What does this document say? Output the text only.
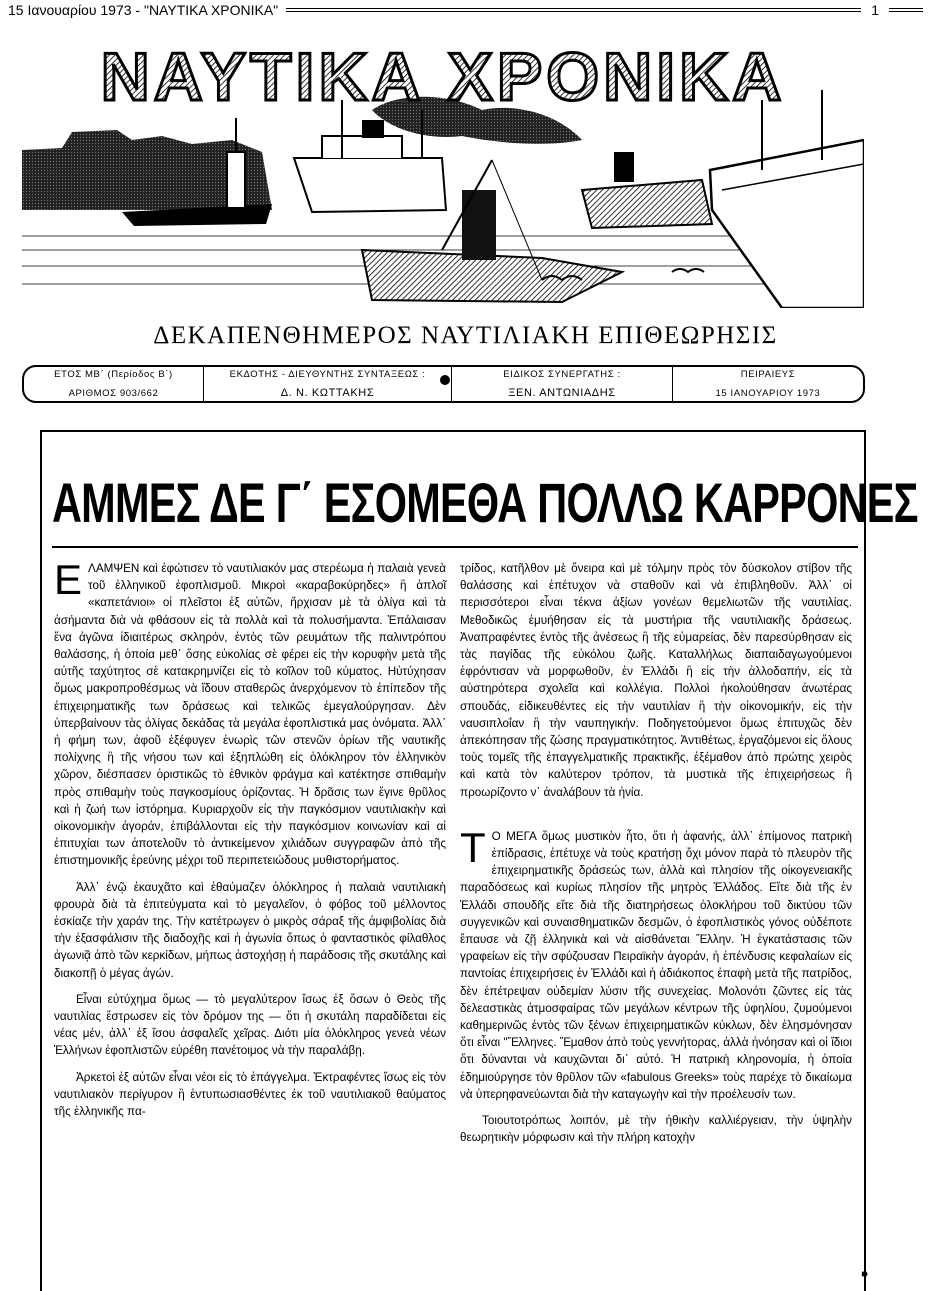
15 Ιανουαρίου 1973 - "ΝΑΥΤΙΚΑ ΧΡΟΝΙΚΑ"	1
ΝΑΥΤΙΚΑ ΧΡΟΝΙΚΑ
ΔΕΚΑΠΕΝΘΗΜΕΡΟΣ ΝΑΥΤΙΛΙΑΚΗ ΕΠΙΘΕΩΡΗΣΙΣ
ΕΤΟΣ ΜΒ΄ (Περίοδος Β΄)
ΑΡΙΘΜΟΣ 903/662
ΕΚΔΟΤΗΣ - ΔΙΕΥΘΥΝΤΗΣ ΣΥΝΤΑΞΕΩΣ :
Δ. Ν. ΚΩΤΤΑΚΗΣ
ΕΙΔΙΚΟΣ ΣΥΝΕΡΓΑΤΗΣ :
ΞΕΝ. ΑΝΤΩΝΙΑΔΗΣ
ΠΕΙΡΑΙΕΥΣ
15 ΙΑΝΟΥΑΡΙΟΥ 1973
ΑΜΜΕΣ ΔΕ Γ΄ ΕΣΟΜΕΘΑ ΠΟΛΛΩ ΚΑΡΡΟΝΕΣ

ΕΛΑΜΨΕΝ καὶ ἐφώτισεν τὸ ναυτιλιακόν μας στερέωμα ἡ παλαιὰ γενεὰ τοῦ ἑλληνικοῦ ἐφοπλισμοῦ. Μικροὶ «καραβοκύρηδες» ἢ ἁπλοῖ «καπετάνιοι» οἱ πλεῖστοι ἐξ αὐτῶν, ἤρχισαν μὲ τὰ ὀλίγα καὶ τὰ ἀσήμαντα διὰ νὰ φθάσουν εἰς τὰ πολλὰ καὶ τὰ πολυσήμαντα. Ἐπάλαισαν ἕνα ἀγῶνα ἰδιαιτέρως σκληρόν, ἐντὸς τῶν ρευμάτων τῆς παλιντρόπου θαλάσσης, ἡ ὁποία μεθ᾽ ὅσης εὐκολίας σὲ φέρει εἰς τὴν κορυφὴν μετὰ τῆς αὐτῆς ταχύτητος σὲ κατακρημνίζει εἰς τὸ κοῖλον τοῦ κύματος. Ηὐτύχησαν ὅμως μακροπροθέσμως νὰ ἴδουν σταθερῶς ἀνερχόμενον τὸ ἐπίπεδον τῆς ἐπιχειρηματικῆς των δράσεως καὶ τελικῶς ἐμεγαλούργησαν. Δὲν ὑπερβαίνουν τὰς ὀλίγας δεκάδας τὰ μεγάλα ἐφοπλιστικά μας ὀνόματα. Ἀλλ᾽ ἡ φήμη των, ἀφοῦ ἐξέφυγεν ἐνωρὶς τῶν στενῶν ὁρίων τῆς ναυτικῆς πολίχνης ἢ τῆς νήσου των καὶ ἐξηπλώθη εἰς ὁλόκληρον τὸν ἑλληνικὸν χῶρον, διέσπασεν ὁριστικῶς τὸ ἐθνικὸν φράγμα καὶ κατέκτησε σπιθαμὴν πρὸς σπιθαμὴν τοὺς παγκοσμίους ὁρίζοντας. Ἡ δρᾶσις των ἔγινε θρῦλος καὶ ἡ ζωή των ἱστόρημα. Κυριαρχοῦν εἰς τὴν παγκόσμιον ναυτιλιακὴν καὶ οἰκονομικὴν ἀγοράν, ἐπιβάλλονται εἰς τὴν παγκόσμιον κοινωνίαν καὶ αἱ ἐπιτυχίαι των ἀποτελοῦν τὸ ἀντικείμενον χιλιάδων συγγραφῶν ἀπὸ τῆς ἐπιστημονικῆς ἐρεύνης μέχρι τοῦ περιπετειώδους μυθιστορήματος.

Ἀλλ᾽ ἐνῷ ἐκαυχᾶτο καὶ ἐθαύμαζεν ὁλόκληρος ἡ παλαιὰ ναυτιλιακὴ φρουρὰ διὰ τὰ ἐπιτεύγματα καὶ τὸ μεγαλεῖον, ὁ φόβος τοῦ μέλλοντος ἐσκίαζε τὴν χαράν της. Τὴν κατέτρωγεν ὁ μικρὸς σάραξ τῆς ἀμφιβολίας διὰ τὴν ἐξασφάλισιν τῆς διαδοχῆς καὶ ἡ ἀγωνία ὅπως ὁ φανταστικὸς φίλαθλος ἀγωνιᾷ ἀπὸ τῶν κερκίδων, μήπως ἀστοχήσῃ ἡ παράδοσις τῆς σκυτάλης καὶ διακοπῇ ὁ μέγας ἀγών.

Εἶναι εὐτύχημα ὅμως — τὸ μεγαλύτερον ἴσως ἐξ ὅσων ὁ Θεὸς τῆς ναυτιλίας ἔστρωσεν εἰς τὸν δρόμον της — ὅτι ἡ σκυτάλη παραδίδεται εἰς νέας μέν, ἀλλ᾽ ἐξ ἴσου ἀσφαλεῖς χεῖρας. Διότι μία ὁλόκληρος γενεὰ νέων Ἑλλήνων ἐφοπλιστῶν εὑρέθη πανέτοιμος νὰ τὴν παραλάβῃ.

Ἀρκετοὶ ἐξ αὐτῶν εἶναι νέοι εἰς τὸ ἐπάγγελμα. Ἐκτραφέντες ἴσως εἰς τὸν ναυτιλιακὸν περίγυρον ἢ ἐντυπωσιασθέντες ἐκ τοῦ ναυτιλιακοῦ θαύματος τῆς ἑλληνικῆς πα-

τρίδος, κατῆλθον μὲ ὄνειρα καὶ μὲ τόλμην πρὸς τὸν δύσκολον στίβον τῆς θαλάσσης καὶ ἐπέτυχον νὰ σταθοῦν καὶ νὰ ἐπιβληθοῦν. Ἀλλ᾽ οἱ περισσότεροι εἶναι τέκνα ἀξίων γονέων θεμελιωτῶν τῆς ναυτιλίας. Μεθοδικῶς ἐμυήθησαν εἰς τὰ μυστήρια τῆς ναυτιλιακῆς δράσεως. Ἀναπραφέντες ἐντὸς τῆς ἀνέσεως ἢ τῆς εὐμαρείας, δὲν παρεσύρθησαν εἰς τὰς παγίδας τῆς εὐκόλου ζωῆς. Καταλλήλως διαπαιδαγωγούμενοι ἐφρόντισαν νὰ μορφωθοῦν, ἐν Ἑλλάδι ἢ εἰς τὴν ἀλλοδαπήν, εἰς τὰ αὐστηρότερα σχολεῖα καὶ κολλέγια. Πολλοὶ ἠκολούθησαν ἀνωτέρας σπουδάς, εἰδικευθέντες εἰς τὴν ναυτιλίαν ἢ τὴν οἰκονομικήν, εἰς τὴν ναυσιπλοΐαν ἢ τὴν ναυπηγικήν. Ποδηγετούμενοι ὅμως ἐπιτυχῶς δὲν ἀπεκόπησαν τῆς ζώσης πραγματικότητος. Ἀντιθέτως, ἐργαζόμενοι εἰς ὅλους τοὺς τομεῖς τῆς ἐπαγγελματικῆς πρακτικῆς, ἐξέμαθον ἀπὸ πρώτης χειρὸς καὶ κατὰ τὸν καλύτερον τρόπον, τὰ μυστικὰ τῆς ἐπιχειρήσεως ἢ προωρίζοντο ν᾽ ἀναλάβουν τὰ ἡνία.

Τ Ο ΜΕΓΑ ὅμως μυστικὸν ἦτο, ὅτι ἡ ἀφανής, ἀλλ᾽ ἐπίμονος πατρικὴ ἐπίδρασις, ἐπέτυχε νὰ τοὺς κρατήσῃ ὄχι μόνον παρὰ τὸ πλευρὸν τῆς ἐπιχειρηματικῆς δράσεώς των, ἀλλὰ καὶ πλησίον τῆς οἰκογενειακῆς παραδόσεως καὶ κυρίως πλησίον τῆς μητρὸς Ἑλλάδος. Εἴτε διὰ τῆς ἐν Ἑλλάδι σπουδῆς εἴτε διὰ τῆς διατηρήσεως ὁλοκλήρου τοῦ δικτύου τῶν συγγενικῶν καὶ συναισθηματικῶν δεσμῶν, ὁ ἐφοπλιστικὸς γόνος οὐδέποτε ἔπαυσε νὰ ζῇ ἑλληνικὰ καὶ νὰ αἰσθάνεται Ἕλλην. Ἡ ἐγκατάστασις τῶν γραφείων εἰς τὴν σφύζουσαν Πειραϊκὴν ἀγοράν, ἡ ἐπένδυσις κεφαλαίων εἰς παντοίας ἐπιχειρήσεις ἐν Ἑλλάδι καὶ ἡ ἀδιάκοπος ἐπαφὴ μετὰ τῆς πατρίδος, δὲν ἐπέτρεψαν οὐδεμίαν λύσιν τῆς συνεχείας. Μολονότι ζῶντες εἰς τὰς δελεαστικὰς ἀτμοσφαίρας τῶν μεγάλων κέντρων τῆς ὑφηλίου, ζυμούμενοι καθημερινῶς ἐντὸς τῶν ξένων ἐπιχειρηματικῶν κύκλων, δὲν ἐλησμόνησαν ὅτι εἶναι "Ἕλληνες. Ἔμαθον ἀπὸ τοὺς γεννήτορας, ἀλλὰ ἠνόησαν καὶ οἱ ἴδιοι ὅτι δύνανται νὰ καυχῶνται δι᾽ αὐτό. Ἡ πατρικὴ κληρονομία, ἡ ὁποία ἐδημιούργησε τὸν θρῦλον τῶν «fabulous Greeks» τοὺς παρέχε τὸ δικαίωμα νὰ ὑπερηφανεύωνται διὰ τὴν καταγωγὴν καὶ τὴν προέλευσίν των.

Τοιουτοτρόπως λοιπόν, μὲ τὴν ἠθικὴν καλλιέργειαν, τὴν ὑψηλὴν θεωρητικὴν μόρφωσιν καὶ τὴν πλήρη κατοχὴν

➧
